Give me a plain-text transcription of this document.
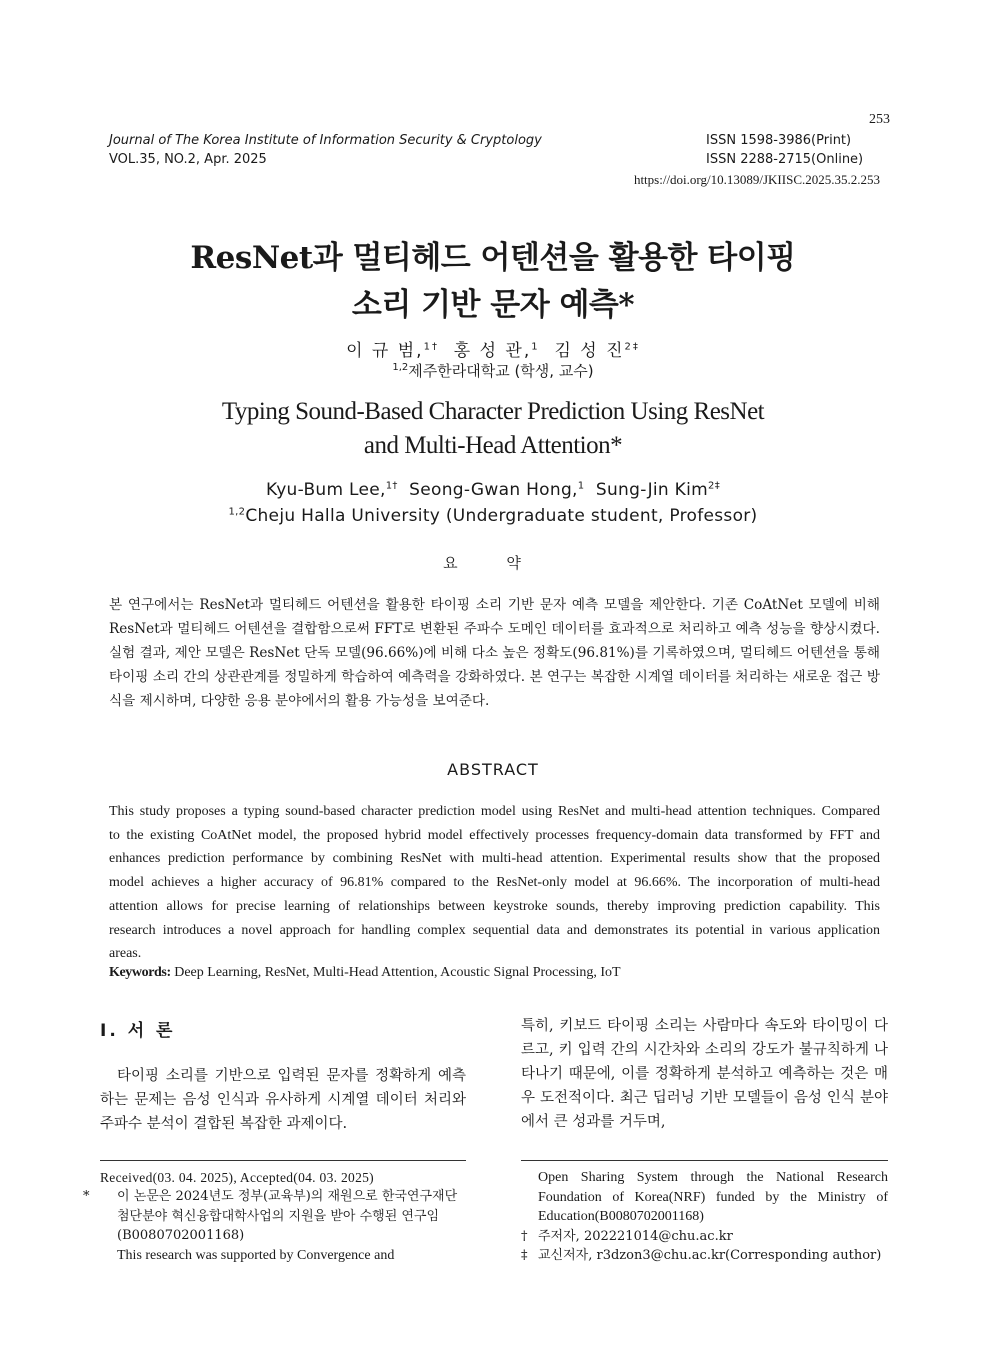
253
Journal of The Korea Institute of Information Security & Cryptology
VOL.35, NO.2, Apr. 2025
ISSN 1598-3986(Print)
ISSN 2288-2715(Online)
https://doi.org/10.13089/JKIISC.2025.35.2.253
ResNet과 멀티헤드 어텐션을 활용한 타이핑
소리 기반 문자 예측*
이 규 범,$^{1\dagger}$ 홍 성 관,$^1$ 김 성 진$^{2\ddagger}$
$^{1,2}$제주한라대학교 (학생, 교수)
Typing Sound-Based Character Prediction Using ResNet
and Multi-Head Attention*
Kyu-Bum Lee,$^{1\dagger}$ Seong-Gwan Hong,$^1$ Sung-Jin Kim$^{2\ddagger}$
$^{1,2}$Cheju Halla University (Undergraduate student, Professor)
요 약

본 연구에서는 ResNet과 멀티헤드 어텐션을 활용한 타이핑 소리 기반 문자 예측 모델을 제안한다. 기존 CoAtNet 모델에 비해 ResNet과 멀티헤드 어텐션을 결합함으로써 FFT로 변환된 주파수 도메인 데이터를 효과적으로 처리하고 예측 성능을 향상시켰다. 실험 결과, 제안 모델은 ResNet 단독 모델(96.66%)에 비해 다소 높은 정확도(96.81%)를 기록하였으며, 멀티헤드 어텐션을 통해 타이핑 소리 간의 상관관계를 정밀하게 학습하여 예측력을 강화하였다. 본 연구는 복잡한 시계열 데이터를 처리하는 새로운 접근 방식을 제시하며, 다양한 응용 분야에서의 활용 가능성을 보여준다.

ABSTRACT

This study proposes a typing sound-based character prediction model using ResNet and multi-head attention techniques. Compared to the existing CoAtNet model, the proposed hybrid model effectively processes frequency-domain data transformed by FFT and enhances prediction performance by combining ResNet with multi-head attention. Experimental results show that the proposed model achieves a higher accuracy of 96.81% compared to the ResNet-only model at 96.66%. The incorporation of multi-head attention allows for precise learning of relationships between keystroke sounds, thereby improving prediction capability. This research introduces a novel approach for handling complex sequential data and demonstrates its potential in various application areas.

Keywords: Deep Learning, ResNet, Multi-Head Attention, Acoustic Signal Processing, IoT
I. 서 론

타이핑 소리를 기반으로 입력된 문자를 정확하게 예측하는 문제는 음성 인식과 유사하게 시계열 데이터 처리와 주파수 분석이 결합된 복잡한 과제이다.

특히, 키보드 타이핑 소리는 사람마다 속도와 타이밍이 다르고, 키 입력 간의 시간차와 소리의 강도가 불규칙하게 나타나기 때문에, 이를 정확하게 분석하고 예측하는 것은 매우 도전적이다. 최근 딥러닝 기반 모델들이 음성 인식 분야에서 큰 성과를 거두며,

Received(03. 04. 2025), Accepted(04. 03. 2025)
* 이 논문은 2024년도 정부(교육부)의 재원으로 한국연구재단 첨단분야 혁신융합대학사업의 지원을 받아 수행된 연구임(B0080702001168)
This research was supported by Convergence and

Open Sharing System through the National Research Foundation of Korea(NRF) funded by the Ministry of Education(B0080702001168)

† 주저자, 202221014@chu.ac.kr
‡ 교신저자, r3dzon3@chu.ac.kr(Corresponding author)
